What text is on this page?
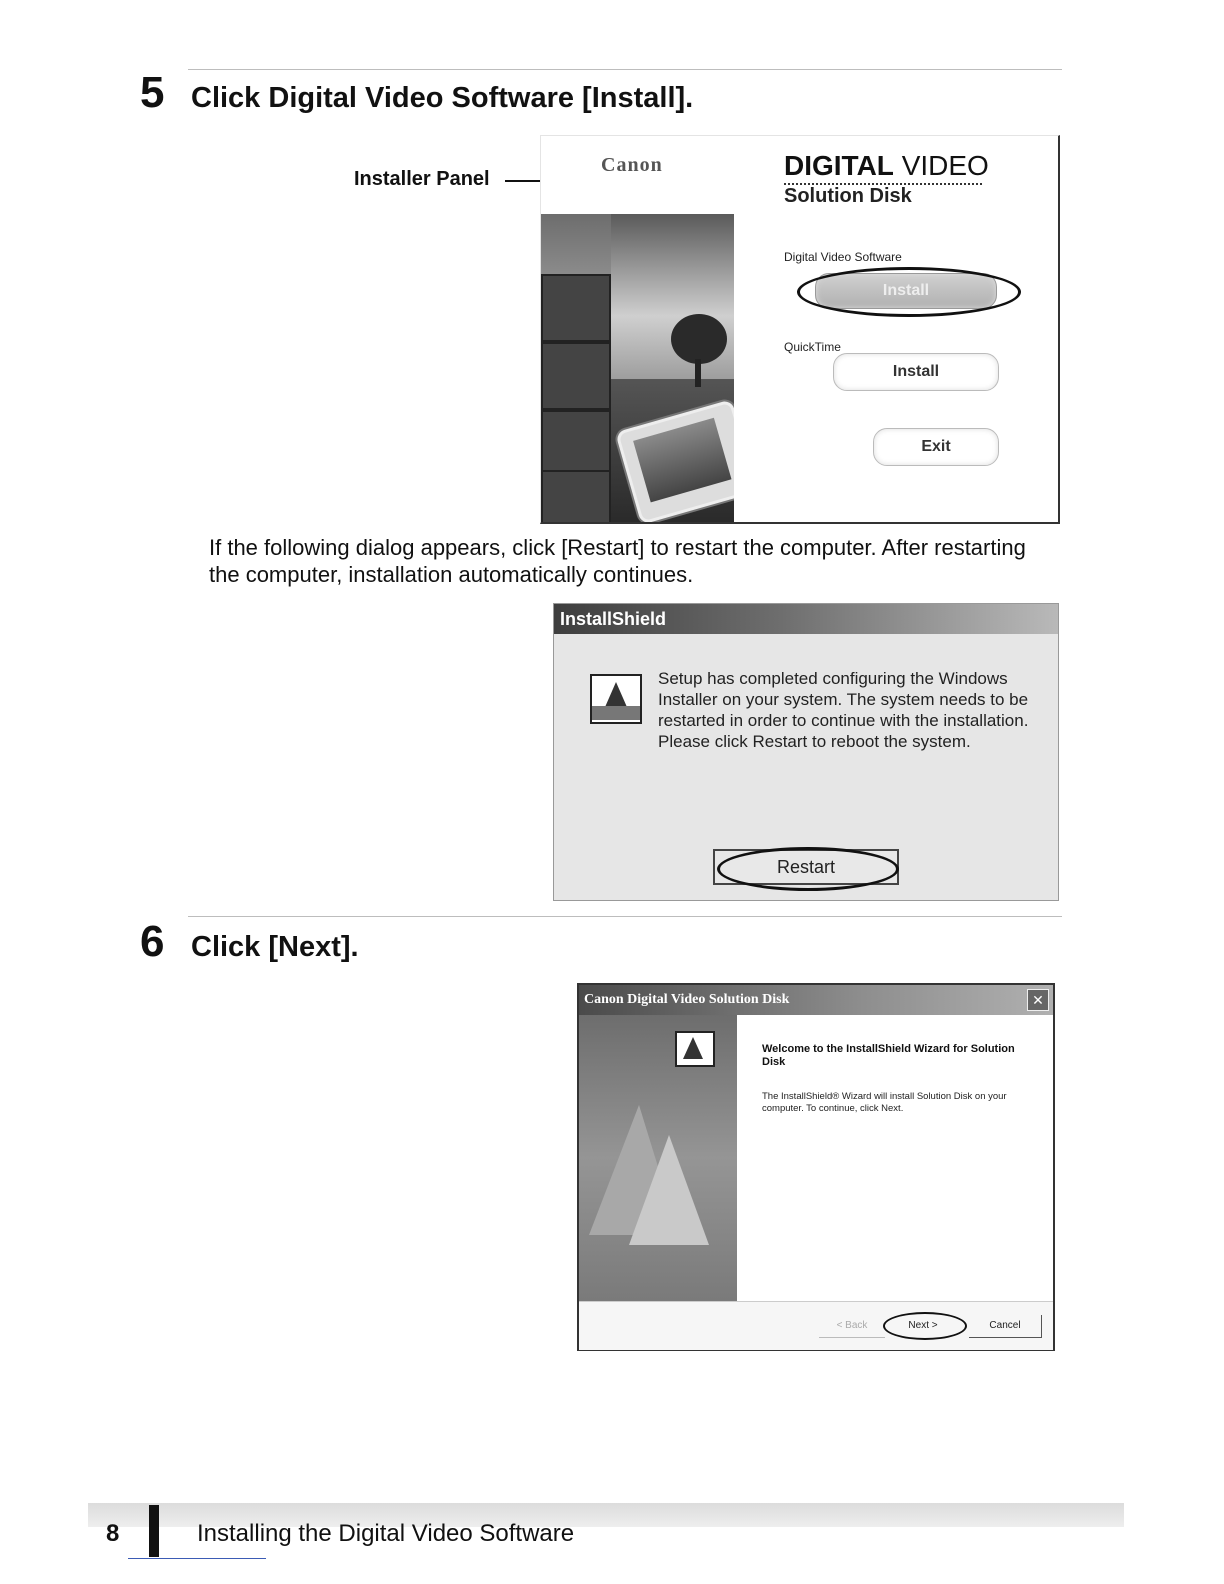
5 Click Digital Video Software [Install].
Installer Panel
Canon	DIGITAL VIDEO
Solution Disk
Digital Video Software
Install
QuickTime
Install
Exit
If the following dialog appears, click [Restart] to restart the computer. After restarting the computer, installation automatically continues.
InstallShield
Setup has completed configuring the Windows Installer on your system. The system needs to be restarted in order to continue with the installation. Please click Restart to reboot the system.
Restart
6 Click [Next].
Canon Digital Video Solution Disk	✕
Welcome to the InstallShield Wizard for Solution Disk
The InstallShield® Wizard will install Solution Disk on your computer. To continue, click Next.
< Back	Next >	Cancel
8	Installing the Digital Video Software
